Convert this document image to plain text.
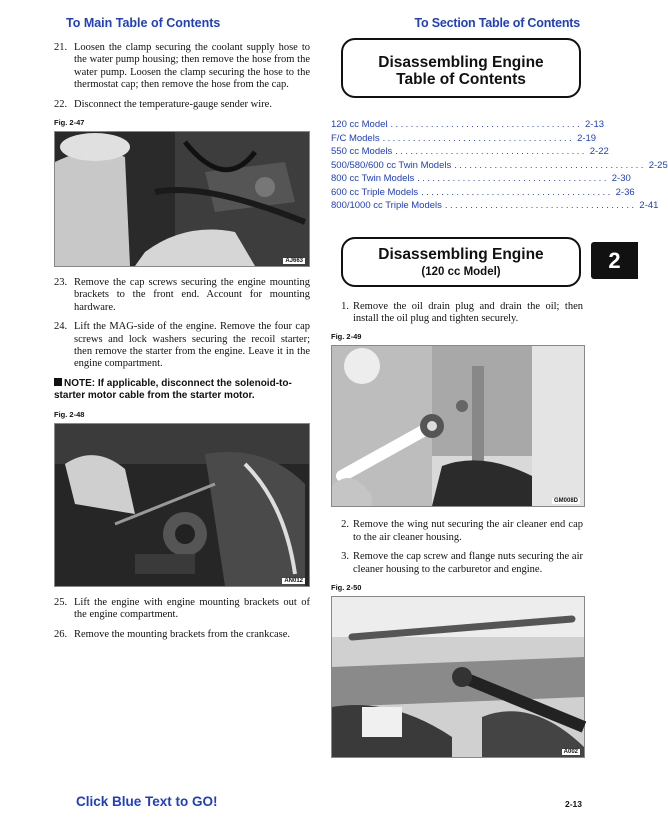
To Main Table of Contents	To Section Table of Contents
21. Loosen the clamp securing the coolant supply hose to the water pump housing; then remove the hose from the water pump. Loosen the clamp securing the hose to the thermostat cap; then remove the hose from the cap.
22. Disconnect the temperature-gauge sender wire.
Fig. 2-47
AJ663
23. Remove the cap screws securing the engine mounting brackets to the front end. Account for mounting hardware.
24. Lift the MAG-side of the engine. Remove the four cap screws and lock washers securing the recoil starter; then remove the starter from the engine. Leave it in the engine compartment.
NOTE: If applicable, disconnect the solenoid-to-starter motor cable from the starter motor.
Fig. 2-48
AN012
25. Lift the engine with engine mounting brackets out of the engine compartment.
26. Remove the mounting brackets from the crankcase.
Disassembling Engine
Table of Contents
120 cc Model ...................................... 2-13
F/C Models ...................................... 2-19
550 cc Models ...................................... 2-22
500/580/600 cc Twin Models ...................................... 2-25
800 cc Twin Models ...................................... 2-30
600 cc Triple Models ...................................... 2-36
800/1000 cc Triple Models ...................................... 2-41
Disassembling Engine
(120 cc Model)
1. Remove the oil drain plug and drain the oil; then install the oil plug and tighten securely.
Fig. 2-49
GM008D
2. Remove the wing nut securing the air cleaner end cap to the air cleaner housing.
3. Remove the cap screw and flange nuts securing the air cleaner housing to the carburetor and engine.
Fig. 2-50
A002
2
Click Blue Text to GO!	2-13
